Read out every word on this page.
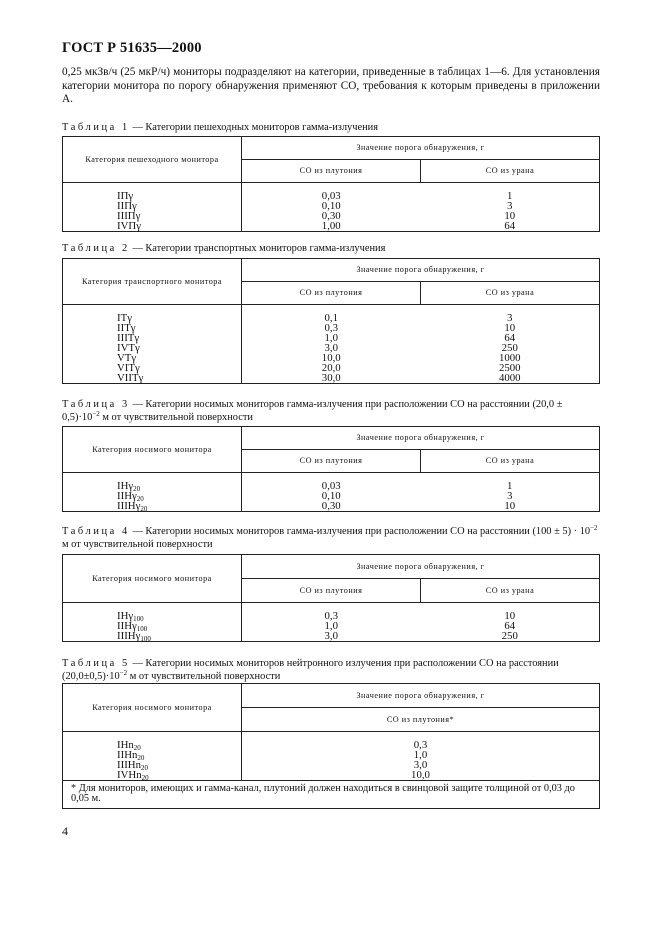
ГОСТ Р 51635—2000
0,25 мкЗв/ч (25 мкР/ч) мониторы подразделяют на категории, приведенные в таблицах 1—6. Для установления категории монитора по порогу обнаружения применяют СО, требования к которым приведены в приложении А.
Таблица 1 — Категории пешеходных мониторов гамма-излучения
Категория пешеходного монитора	Значение порога обнаружения, г	
	СО из плутония	СО из урана

IПγ	0,03	1
IIПγ	0,10	3
IIIПγ	0,30	10
IVПγ	1,00	64
Таблица 2 — Категории транспортных мониторов гамма-излучения
Категория транспортного монитора	Значение порога обнаружения, г	
	СО из плутония	СО из урана

ITγ	0,1	3
IITγ	0,3	10
IIITγ	1,0	64
IVTγ	3,0	250
VTγ	10,0	1000
VITγ	20,0	2500
VIITγ	30,0	4000
Таблица 3 — Категории носимых мониторов гамма-излучения при расположении СО на расстоянии $(20,0 \pm 0,5)\cdot 10^{-2}$ м от чувствительной поверхности
Категория носимого монитора	Значение порога обнаружения, г	
	СО из плутония	СО из урана

IHγ$_{20}$	0,03	1
IIHγ$_{20}$	0,10	3
IIIHγ$_{20}$	0,30	10
Таблица 4 — Категории носимых мониторов гамма-излучения при расположении СО на расстоянии $(100 \pm 5) \cdot 10^{-2}$ м от чувствительной поверхности
Категория носимого монитора	Значение порога обнаружения, г	
	СО из плутония	СО из урана

IHγ$_{100}$	0,3	10
IIHγ$_{100}$	1,0	64
IIIHγ$_{100}$	3,0	250
Таблица 5 — Категории носимых мониторов нейтронного излучения при расположении СО на расстоянии $(20,0\pm 0,5)\cdot 10^{-2}$ м от чувствительной поверхности
Категория носимого монитора	Значение порога обнаружения, г
	СО из плутония*

IHn$_{20}$	0,3
IIHn$_{20}$	1,0
IIIHn$_{20}$	3,0
IVHn$_{20}$	10,0
* Для мониторов, имеющих и гамма-канал, плутоний должен находиться в свинцовой защите толщиной от 0,03 до 0,05 м.	
4
